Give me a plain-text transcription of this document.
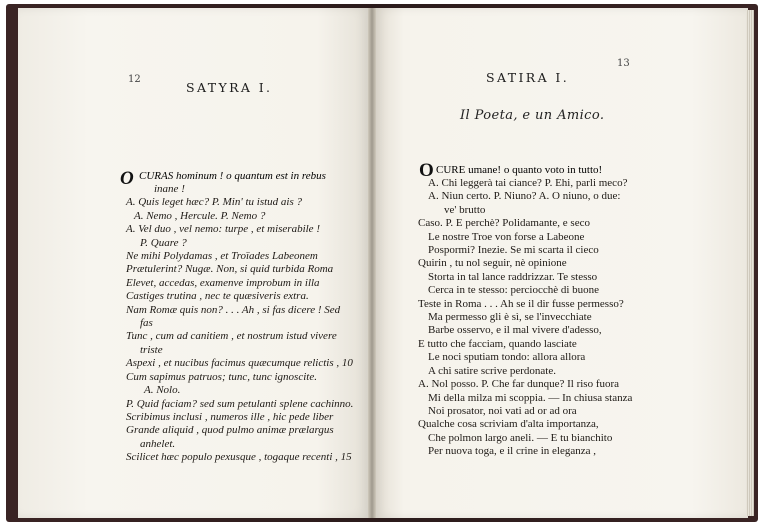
12
SATYRA I.
O CURAS hominum ! o quantum est in rebus
inane !
A. Quis leget hæc? P. Min' tu istud ais ?
A. Nemo , Hercule. P. Nemo ?
A. Vel duo , vel nemo: turpe , et miserabile !
P. Quare ?
Ne mihi Polydamas , et Troïades Labeonem
Prætulerint? Nugæ. Non, si quid turbida Roma
Elevet, accedas, examenve improbum in illa
Castiges trutina , nec te quæsiveris extra.
Nam Romæ quis non? . . . Ah , si fas dicere ! Sed
fas
Tunc , cum ad canitiem , et nostrum istud vivere
triste
Aspexi , et nucibus facimus quæcumque relictis , 10
Cum sapimus patruos; tunc, tunc ignoscite.
A. Nolo.
P. Quid faciam? sed sum petulanti splene cachinno.
Scribimus inclusi , numeros ille , hic pede liber
Grande aliquid , quod pulmo animæ prælargus
anhelet.
Scilicet hæc populo pexusque , togaque recenti , 15
13
SATIRA I.
Il Poeta, e un Amico.
O CURE umane! o quanto voto in tutto!
A. Chi leggerà tai ciance? P. Ehi, parli meco?
A. Niun certo. P. Niuno? A. O niuno, o due:
ve' brutto
Caso. P. E perchè? Polidamante, e seco
Le nostre Troe von forse a Labeone
Pospormi? Inezie. Se mi scarta il cieco
Quirin , tu nol seguir, nè opinione
Storta in tal lance raddrizzar. Te stesso
Cerca in te stesso: perciocchè di buone
Teste in Roma . . . Ah se il dir fusse permesso?
Ma permesso gli è sì, se l'invecchiate
Barbe osservo, e il mal vivere d'adesso,
E tutto che facciam, quando lasciate
Le noci sputiam tondo: allora allora
A chi satire scrive perdonate.
A. Nol posso. P. Che far dunque? Il riso fuora
Mi della milza mi scoppia. — In chiusa stanza
Noi prosator, noi vati ad or ad ora
Qualche cosa scriviam d'alta importanza,
Che polmon largo aneli. — E tu bianchito
Per nuova toga, e il crine in eleganza ,
